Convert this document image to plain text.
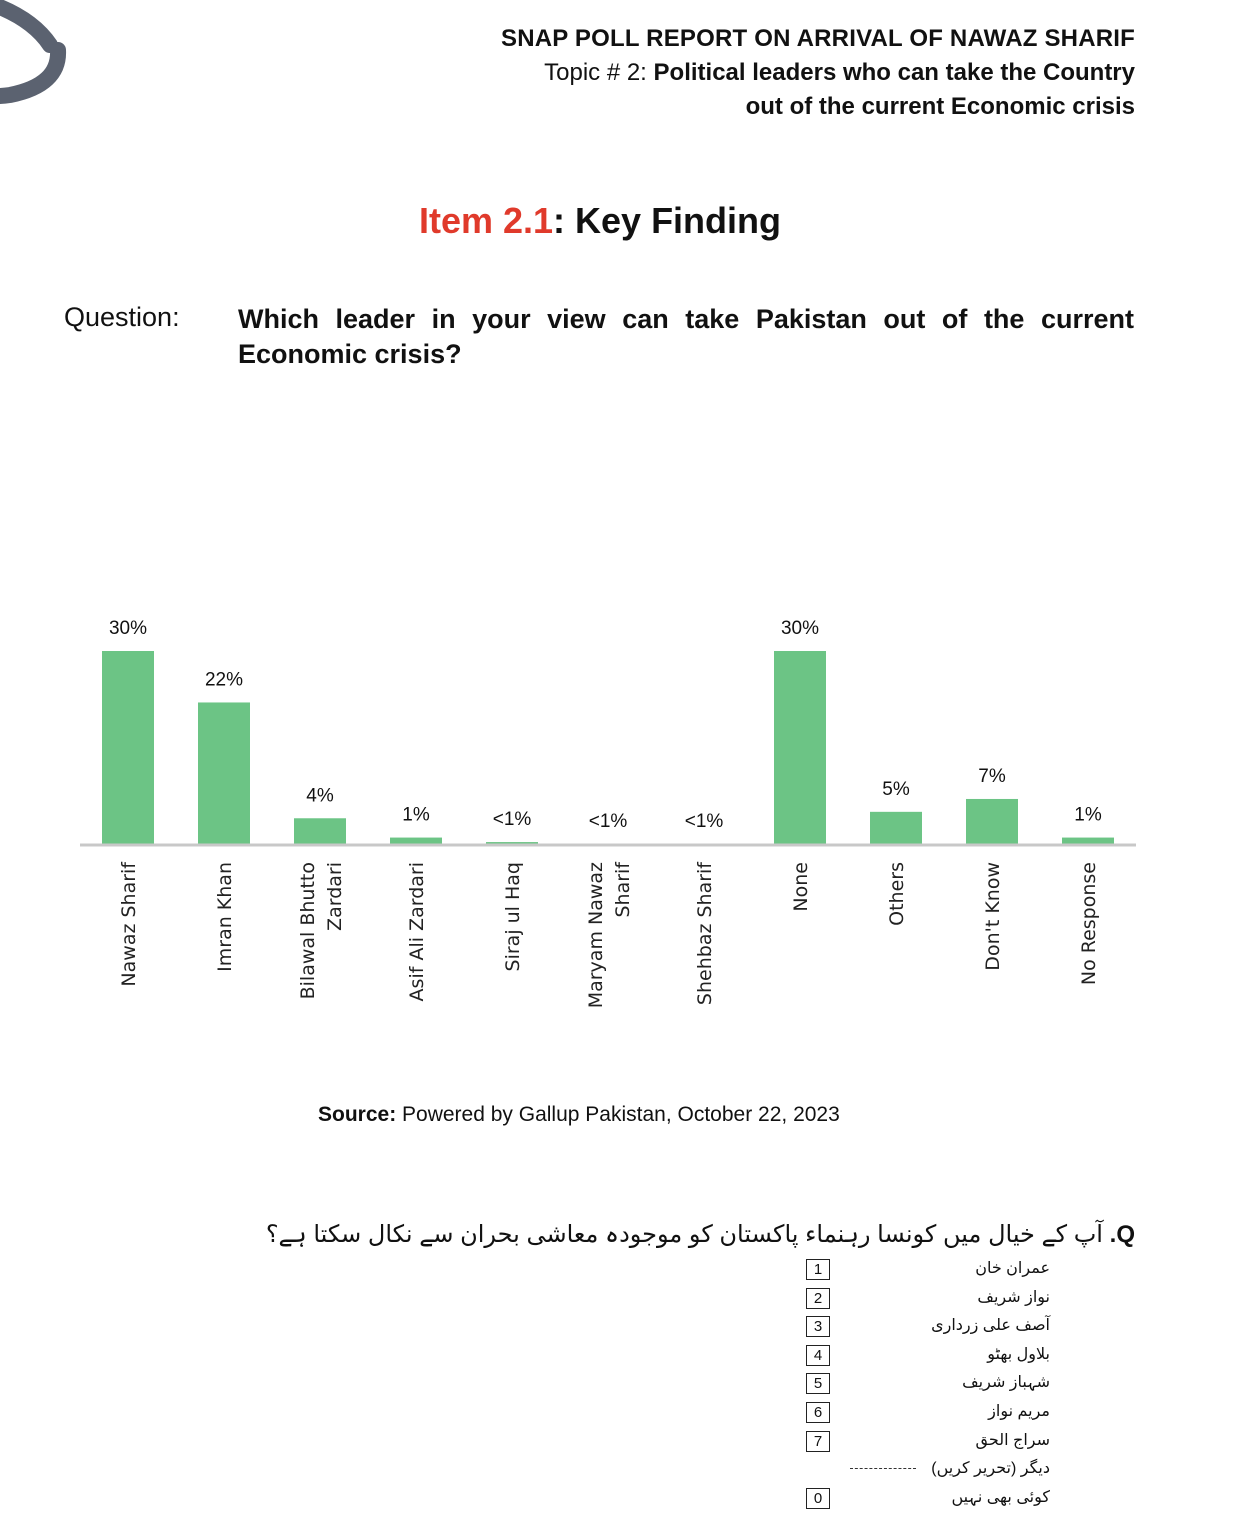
SNAP POLL REPORT ON ARRIVAL OF NAWAZ SHARIF
Topic # 2: Political leaders who can take the Country
out of the current Economic crisis
Item 2.1: Key Finding
Question: Which leader in your view can take Pakistan out of the current Economic crisis?
30%
Nawaz Sharif
22%
Imran Khan
4%
Bilawal Bhutto Zardari
1%
Asif Ali Zardari
<1%
Siraj ul Haq
<1%
Maryam Nawaz Sharif
<1%
Shehbaz Sharif
30%
None
5%
Others
7%
Don't Know
1%
No Response
Source: Powered by Gallup Pakistan, October 22, 2023
Q. آپ کے خیال میں کونسا رہنماء پاکستان کو موجودہ معاشی بحران سے نکال سکتا ہے؟
عمران خان
1
نواز شریف
2
آصف علی زرداری
3
بلاول بھٹو
4
شہباز شریف
5
مریم نواز
6
سراج الحق
7
دیگر (تحریر کریں)
کوئی بھی نہیں
0
